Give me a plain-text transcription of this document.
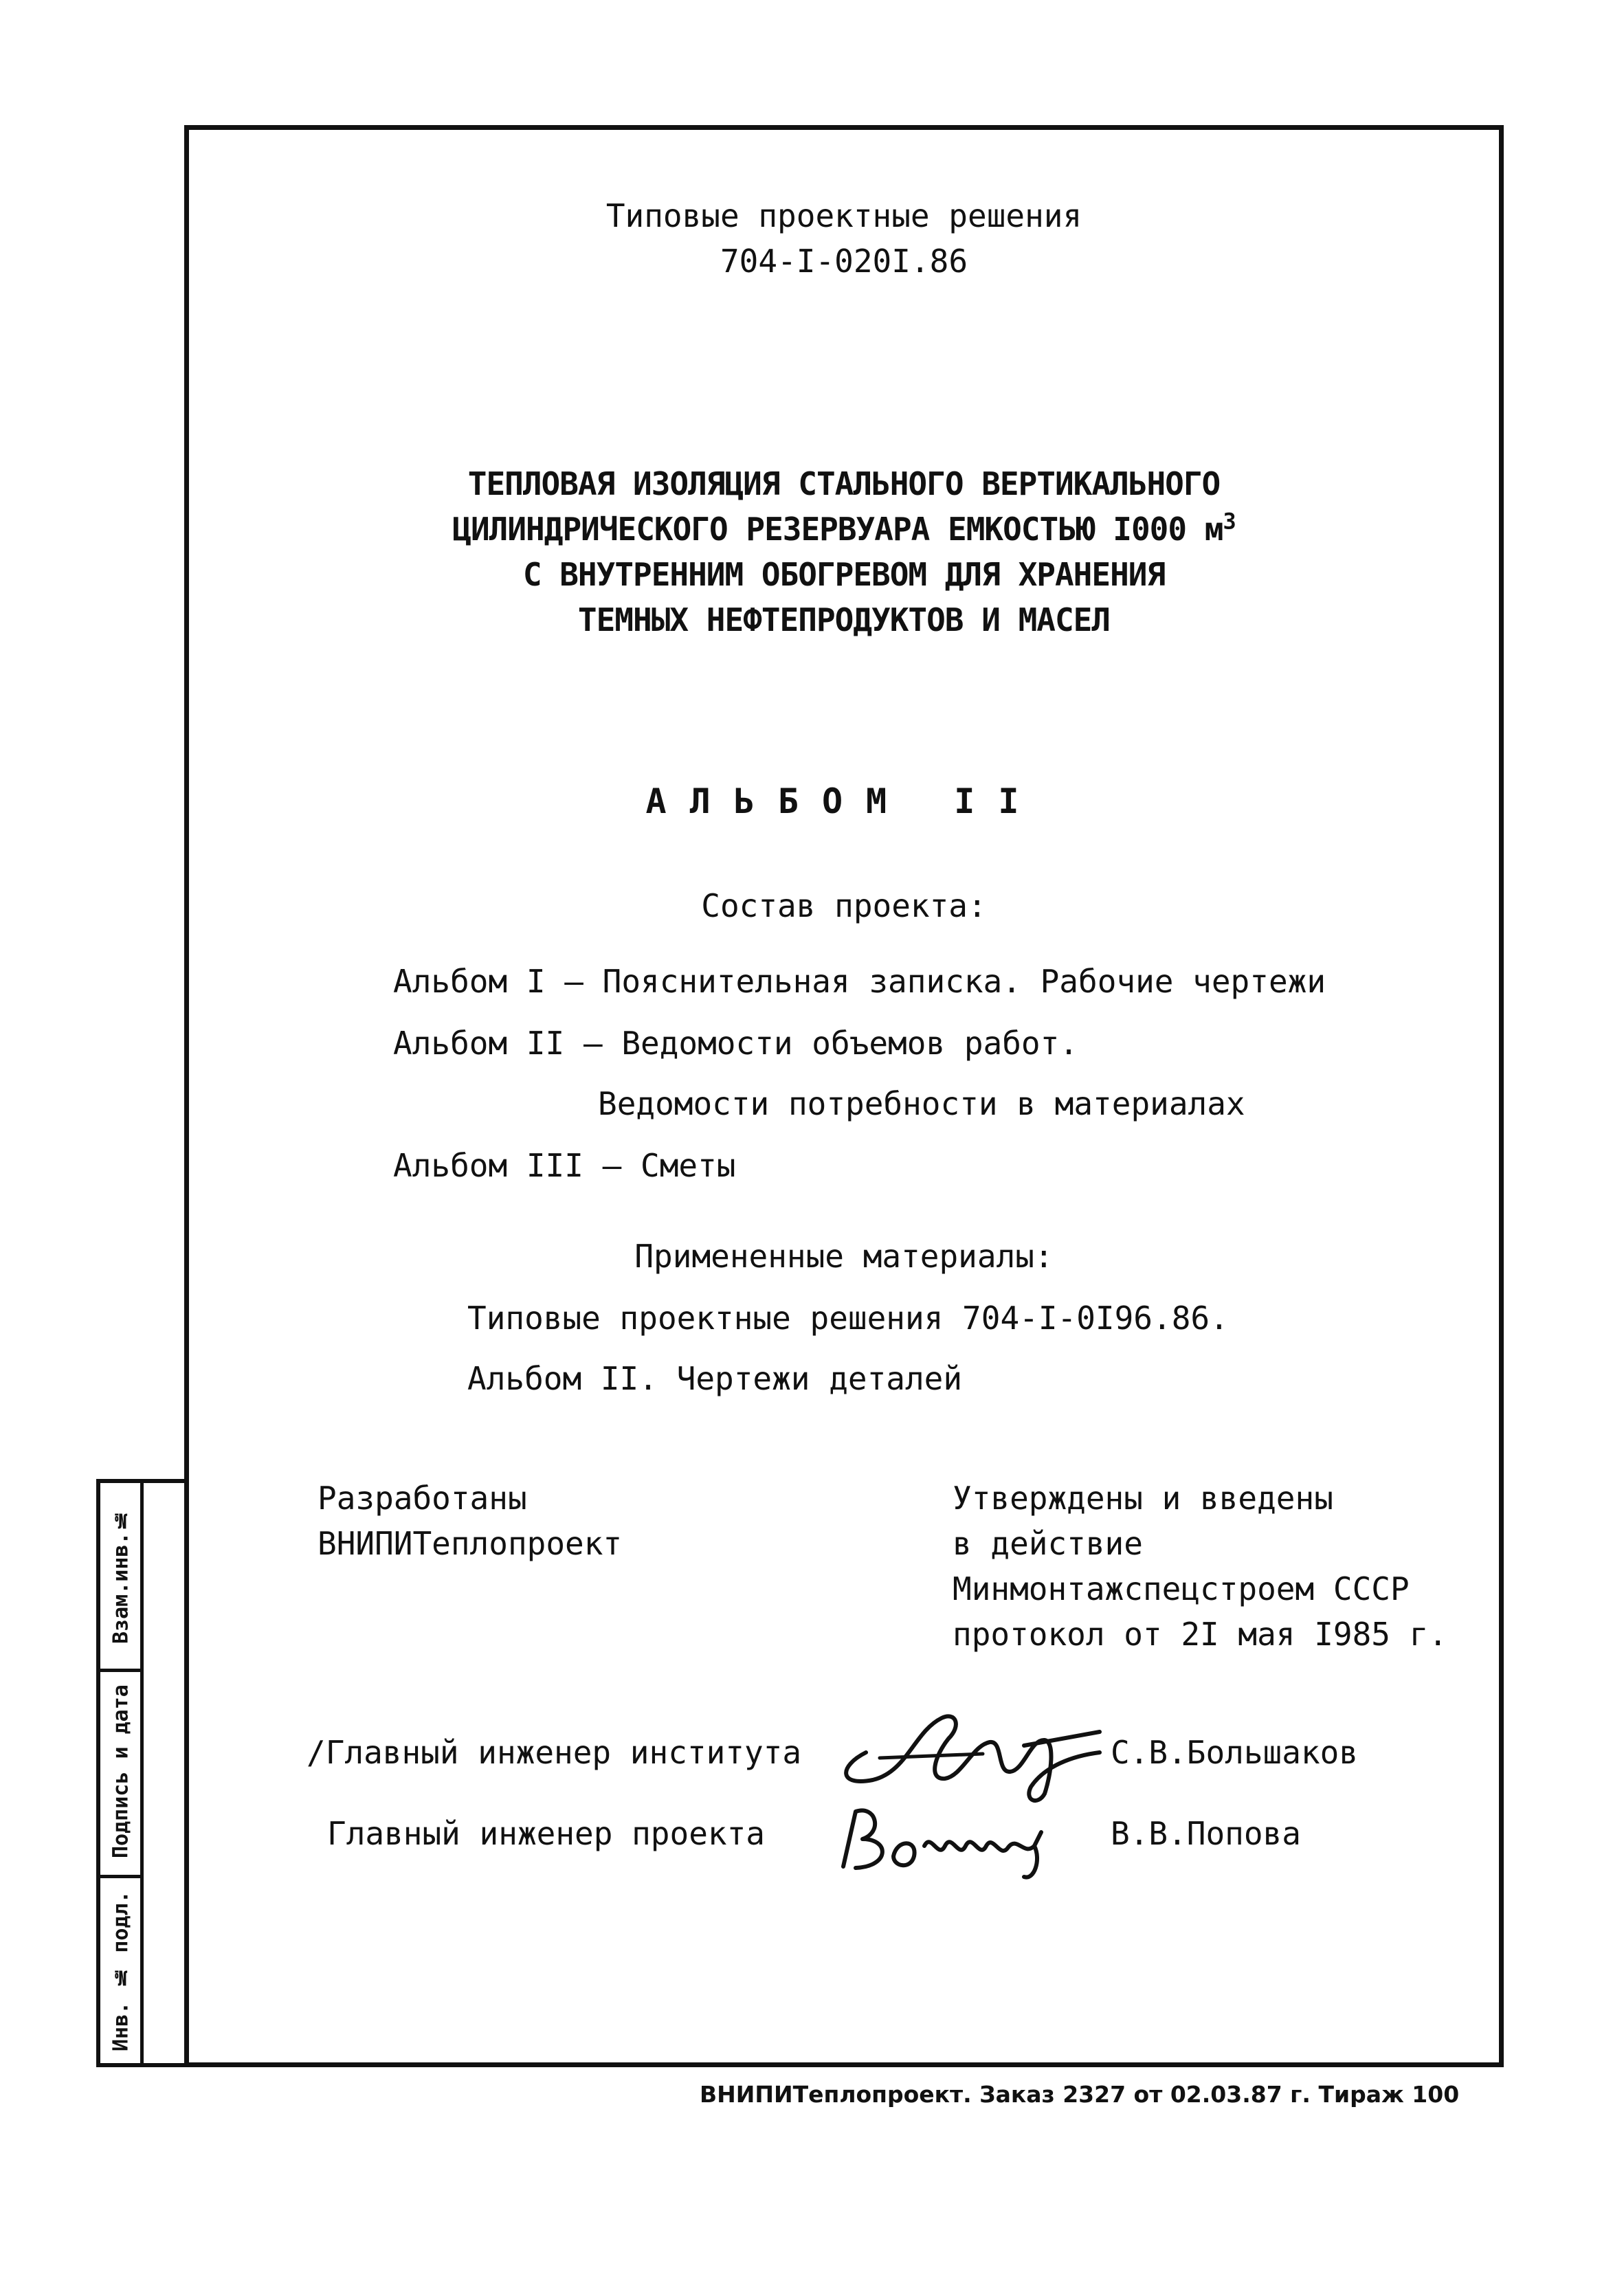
Типовые проектные решения
704-I-020I.86
ТЕПЛОВАЯ ИЗОЛЯЦИЯ СТАЛЬНОГО ВЕРТИКАЛЬНОГО
ЦИЛИНДРИЧЕСКОГО РЕЗЕРВУАРА ЕМКОСТЬЮ I000 $м^3$
С ВНУТРЕННИМ ОБОГРЕВОМ ДЛЯ ХРАНЕНИЯ
ТЕМНЫХ НЕФТЕПРОДУКТОВ И МАСЕЛ
АЛЬБОМ II
Состав проекта:
Альбом I – Пояснительная записка. Рабочие чертежи
Альбом II – Ведомости объемов работ.
Ведомости потребности в материалах
Альбом III – Сметы
Примененные материалы:
Типовые проектные решения 704-I-0I96.86.
Альбом II. Чертежи деталей
Разработаны
ВНИПИТеплопроект
Утверждены и введены
в действие
Минмонтажспецстроем СССР
протокол от 2I мая I985 г.
/Главный инженер института	С.В.Большаков
Главный инженер проекта	В.В.Попова
Взам.инв.№
Подпись и дата
Инв. № подл.
ВНИПИТеплопроект. Заказ 2327 от 02.03.87 г. Тираж 100
